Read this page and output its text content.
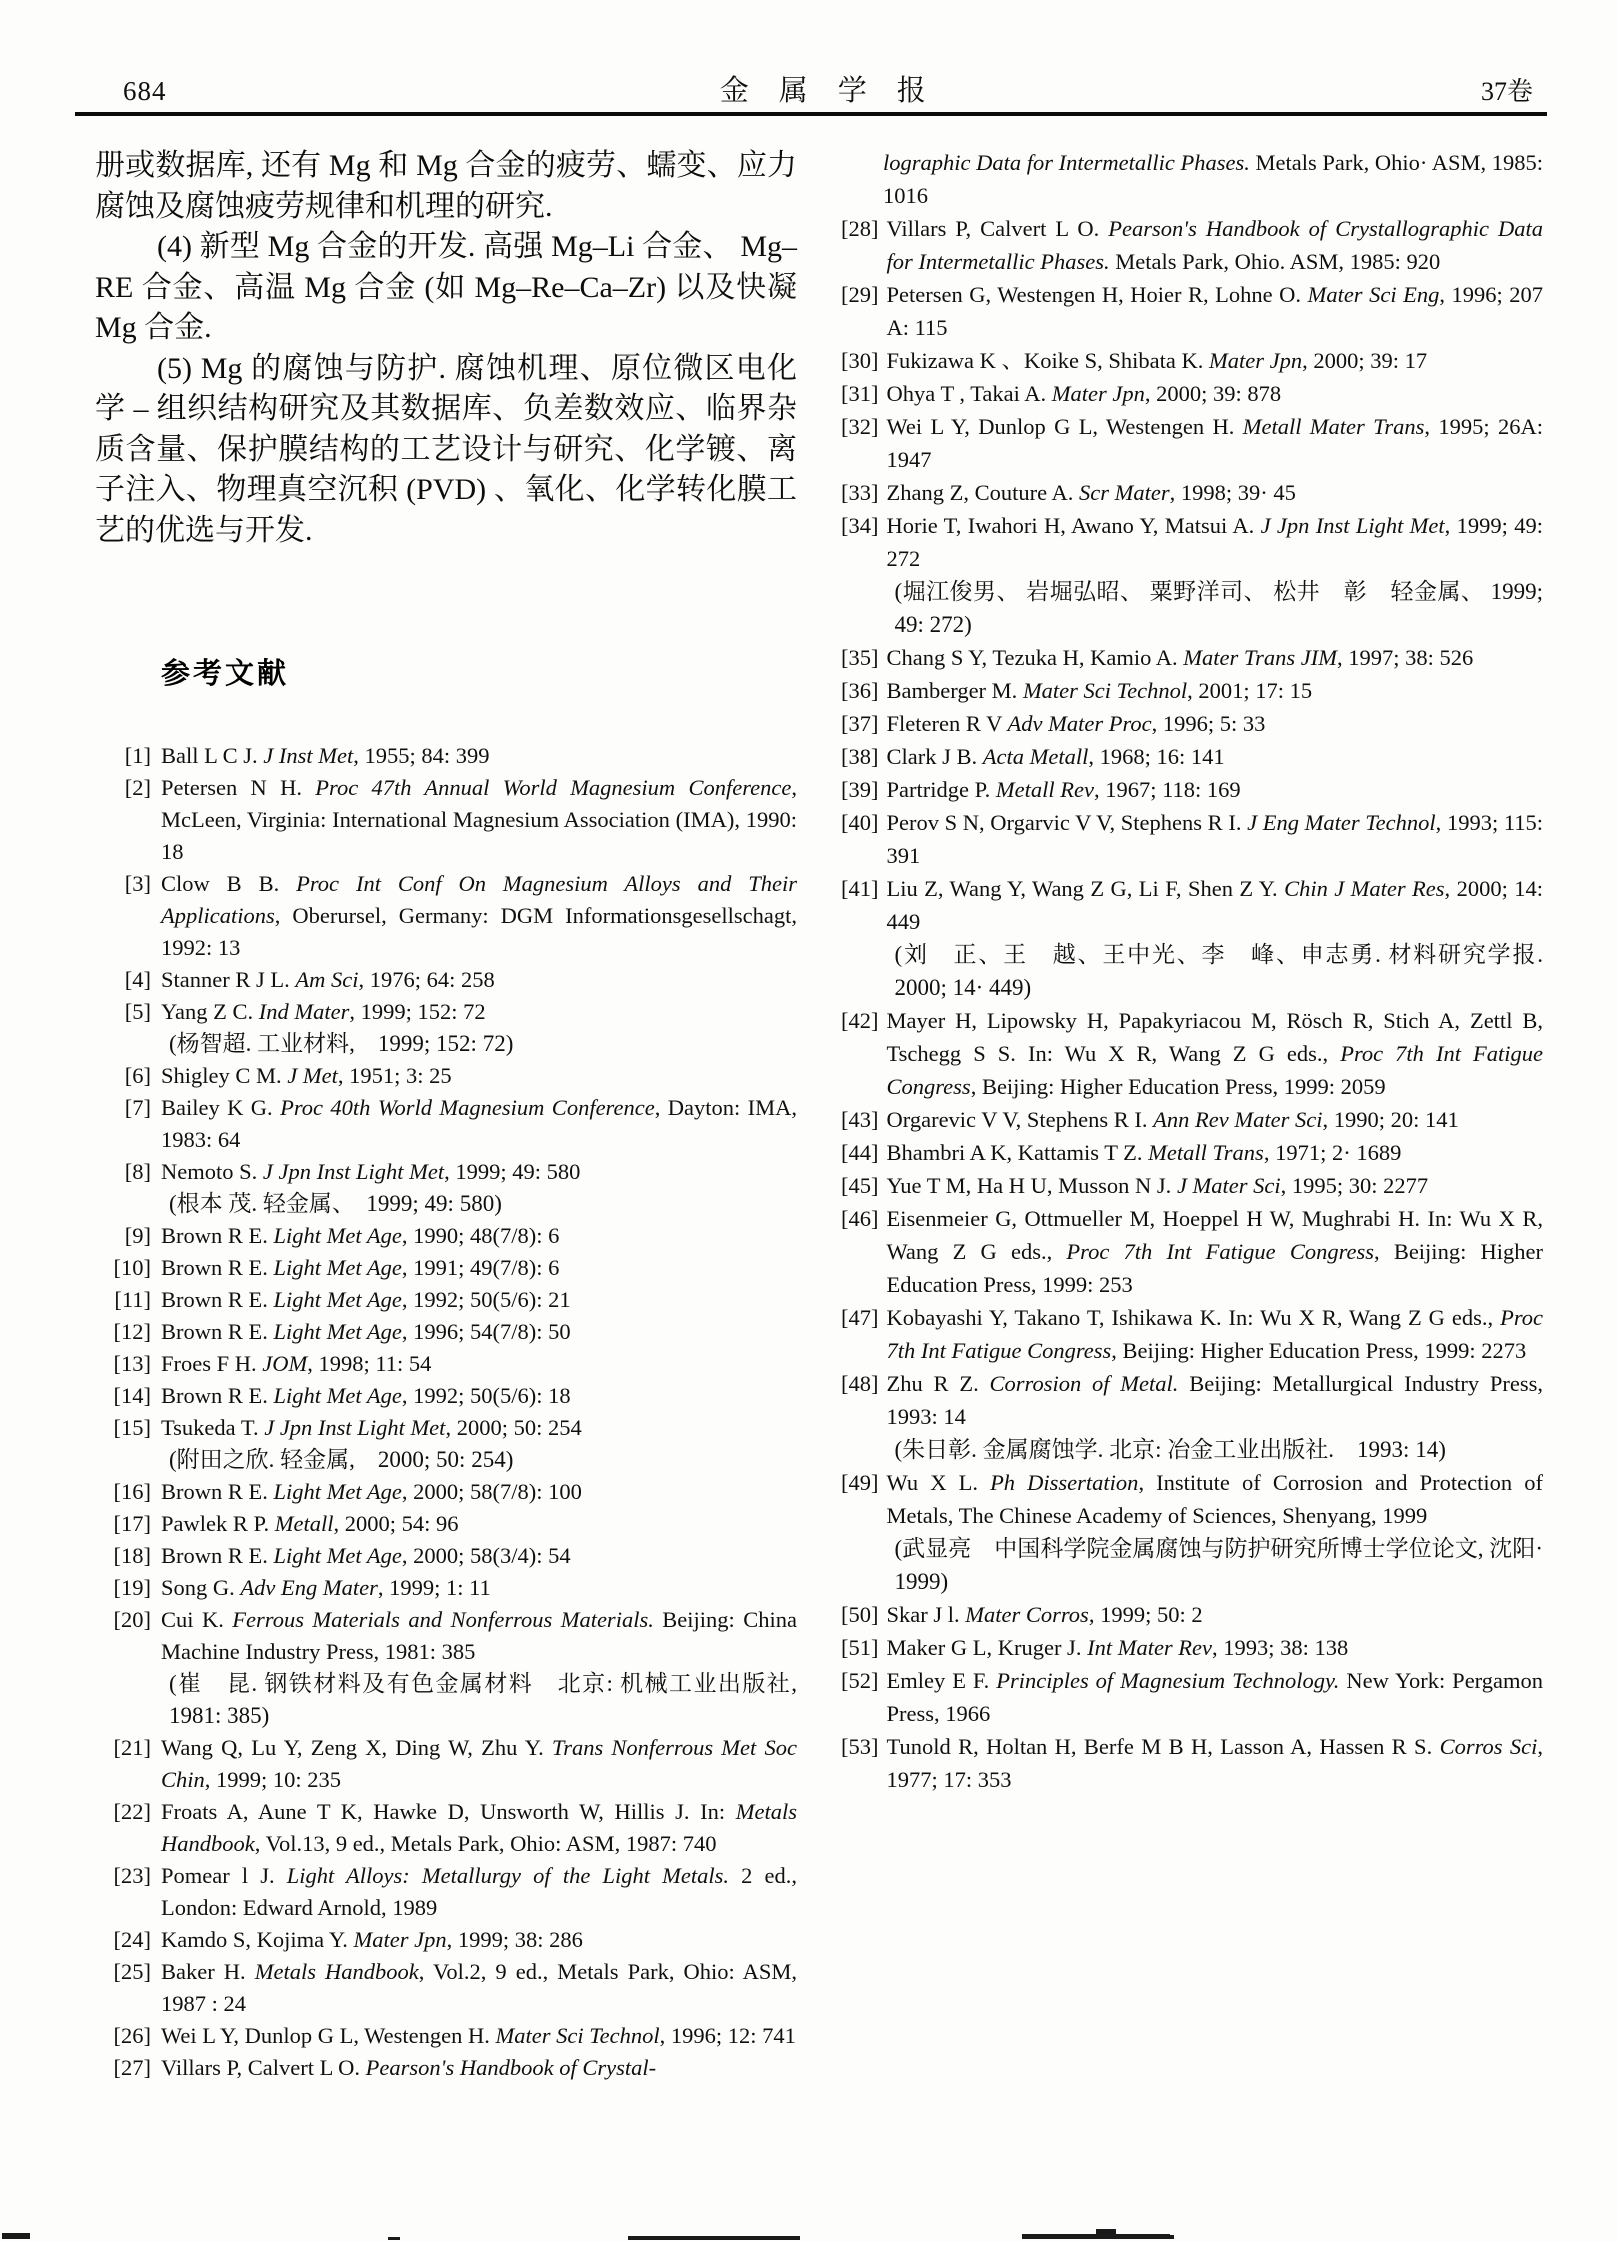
684	金属学报	37卷
册或数据库, 还有 Mg 和 Mg 合金的疲劳、蠕变、应力腐蚀及腐蚀疲劳规律和机理的研究.
(4) 新型 Mg 合金的开发. 高强 Mg–Li 合金、 Mg–RE 合金、高温 Mg 合金 (如 Mg–Re–Ca–Zr) 以及快凝 Mg 合金.
(5) Mg 的腐蚀与防护. 腐蚀机理、原位微区电化学 – 组织结构研究及其数据库、负差数效应、临界杂质含量、保护膜结构的工艺设计与研究、化学镀、离子注入、物理真空沉积 (PVD) 、氧化、化学转化膜工艺的优选与开发.
参考文献
[1] Ball L C J. J Inst Met, 1955; 84: 399
[2] Petersen N H. Proc 47th Annual World Magnesium Conference, McLeen, Virginia: International Magnesium Association (IMA), 1990: 18
[3] Clow B B. Proc Int Conf On Magnesium Alloys and Their Applications, Oberursel, Germany: DGM Informationsgesellschagt, 1992: 13
[4] Stanner R J L. Am Sci, 1976; 64: 258
[5] Yang Z C. Ind Mater, 1999; 152: 72
(杨智超. 工业材料,　1999; 152: 72)
[6] Shigley C M. J Met, 1951; 3: 25
[7] Bailey K G. Proc 40th World Magnesium Conference, Dayton: IMA, 1983: 64
[8] Nemoto S. J Jpn Inst Light Met, 1999; 49: 580
(根本 茂. 轻金属、　1999; 49: 580)
[9] Brown R E. Light Met Age, 1990; 48(7/8): 6
[10] Brown R E. Light Met Age, 1991; 49(7/8): 6
[11] Brown R E. Light Met Age, 1992; 50(5/6): 21
[12] Brown R E. Light Met Age, 1996; 54(7/8): 50
[13] Froes F H. JOM, 1998; 11: 54
[14] Brown R E. Light Met Age, 1992; 50(5/6): 18
[15] Tsukeda T. J Jpn Inst Light Met, 2000; 50: 254
(附田之欣. 轻金属,　2000; 50: 254)
[16] Brown R E. Light Met Age, 2000; 58(7/8): 100
[17] Pawlek R P. Metall, 2000; 54: 96
[18] Brown R E. Light Met Age, 2000; 58(3/4): 54
[19] Song G. Adv Eng Mater, 1999; 1: 11
[20] Cui K. Ferrous Materials and Nonferrous Materials. Beijing: China Machine Industry Press, 1981: 385
(崔　昆. 钢铁材料及有色金属材料　北京: 机械工业出版社, 1981: 385)
[21] Wang Q, Lu Y, Zeng X, Ding W, Zhu Y. Trans Nonferrous Met Soc Chin, 1999; 10: 235
[22] Froats A, Aune T K, Hawke D, Unsworth W, Hillis J. In: Metals Handbook, Vol.13, 9 ed., Metals Park, Ohio: ASM, 1987: 740
[23] Pomear l J. Light Alloys: Metallurgy of the Light Metals. 2 ed., London: Edward Arnold, 1989
[24] Kamdo S, Kojima Y. Mater Jpn, 1999; 38: 286
[25] Baker H. Metals Handbook, Vol.2, 9 ed., Metals Park, Ohio: ASM, 1987 : 24
[26] Wei L Y, Dunlop G L, Westengen H. Mater Sci Technol, 1996; 12: 741
[27] Villars P, Calvert L O. Pearson's Handbook of Crystal-
lographic Data for Intermetallic Phases. Metals Park, Ohio· ASM, 1985: 1016
[28] Villars P, Calvert L O. Pearson's Handbook of Crystallographic Data for Intermetallic Phases. Metals Park, Ohio. ASM, 1985: 920
[29] Petersen G, Westengen H, Hoier R, Lohne O. Mater Sci Eng, 1996; 207 A: 115
[30] Fukizawa K 、Koike S, Shibata K. Mater Jpn, 2000; 39: 17
[31] Ohya T , Takai A. Mater Jpn, 2000; 39: 878
[32] Wei L Y, Dunlop G L, Westengen H. Metall Mater Trans, 1995; 26A: 1947
[33] Zhang Z, Couture A. Scr Mater, 1998; 39· 45
[34] Horie T, Iwahori H, Awano Y, Matsui A. J Jpn Inst Light Met, 1999; 49: 272
(堀江俊男、 岩堀弘昭、 粟野洋司、 松井　彰　轻金属、 1999; 49: 272)
[35] Chang S Y, Tezuka H, Kamio A. Mater Trans JIM, 1997; 38: 526
[36] Bamberger M. Mater Sci Technol, 2001; 17: 15
[37] Fleteren R V Adv Mater Proc, 1996; 5: 33
[38] Clark J B. Acta Metall, 1968; 16: 141
[39] Partridge P. Metall Rev, 1967; 118: 169
[40] Perov S N, Orgarvic V V, Stephens R I. J Eng Mater Technol, 1993; 115: 391
[41] Liu Z, Wang Y, Wang Z G, Li F, Shen Z Y. Chin J Mater Res, 2000; 14: 449
(刘　正、王　越、王中光、李　峰、申志勇. 材料研究学报. 2000; 14· 449)
[42] Mayer H, Lipowsky H, Papakyriacou M, Rösch R, Stich A, Zettl B, Tschegg S S. In: Wu X R, Wang Z G eds., Proc 7th Int Fatigue Congress, Beijing: Higher Education Press, 1999: 2059
[43] Orgarevic V V, Stephens R I. Ann Rev Mater Sci, 1990; 20: 141
[44] Bhambri A K, Kattamis T Z. Metall Trans, 1971; 2· 1689
[45] Yue T M, Ha H U, Musson N J. J Mater Sci, 1995; 30: 2277
[46] Eisenmeier G, Ottmueller M, Hoeppel H W, Mughrabi H. In: Wu X R, Wang Z G eds., Proc 7th Int Fatigue Congress, Beijing: Higher Education Press, 1999: 253
[47] Kobayashi Y, Takano T, Ishikawa K. In: Wu X R, Wang Z G eds., Proc 7th Int Fatigue Congress, Beijing: Higher Education Press, 1999: 2273
[48] Zhu R Z. Corrosion of Metal. Beijing: Metallurgical Industry Press, 1993: 14
(朱日彰. 金属腐蚀学. 北京: 冶金工业出版社.　1993: 14)
[49] Wu X L. Ph Dissertation, Institute of Corrosion and Protection of Metals, The Chinese Academy of Sciences, Shenyang, 1999
(武显亮　中国科学院金属腐蚀与防护研究所博士学位论文, 沈阳·　1999)
[50] Skar J l. Mater Corros, 1999; 50: 2
[51] Maker G L, Kruger J. Int Mater Rev, 1993; 38: 138
[52] Emley E F. Principles of Magnesium Technology. New York: Pergamon Press, 1966
[53] Tunold R, Holtan H, Berfe M B H, Lasson A, Hassen R S. Corros Sci, 1977; 17: 353
